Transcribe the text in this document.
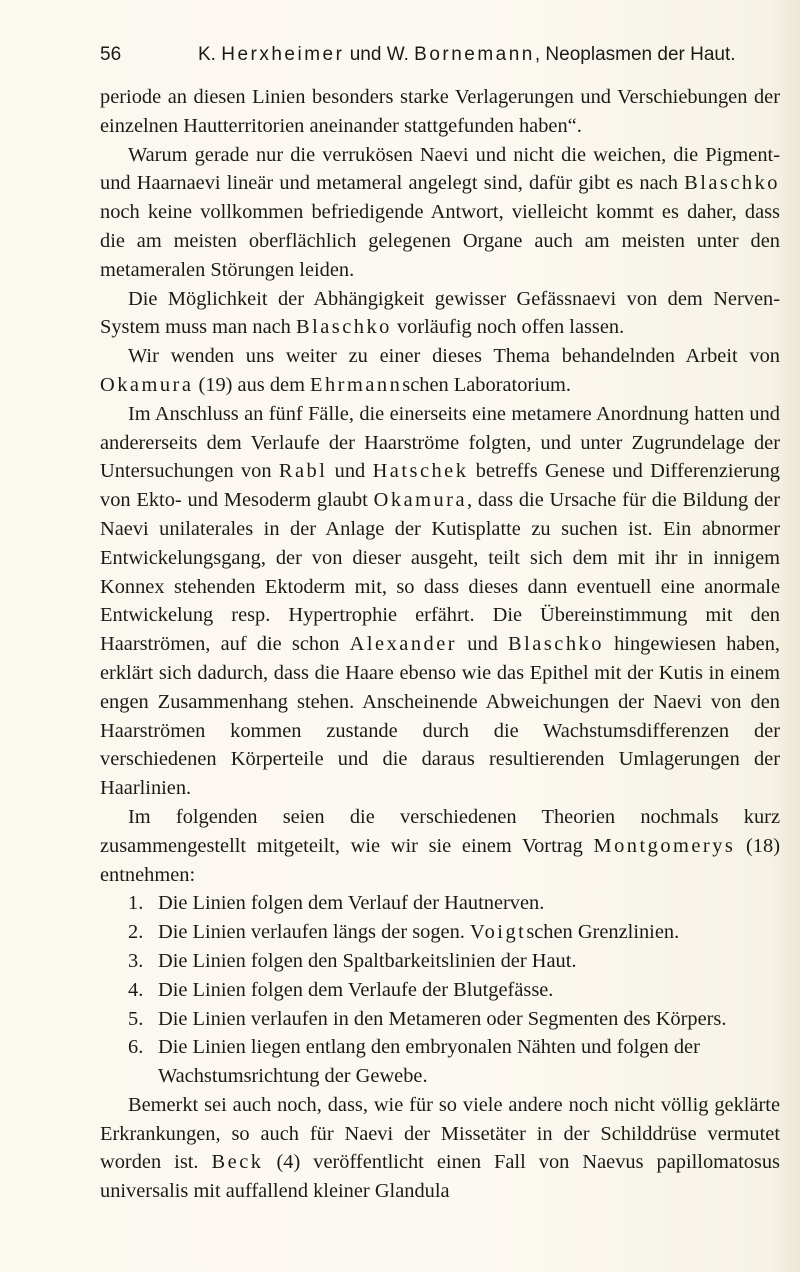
56	K. Herxheimer und W. Bornemann, Neoplasmen der Haut.

periode an diesen Linien besonders starke Verlagerungen und Verschiebungen der einzelnen Hautterritorien aneinander stattgefunden haben“.

Warum gerade nur die verrukösen Naevi und nicht die weichen, die Pigment- und Haarnaevi lineär und metameral angelegt sind, dafür gibt es nach Blaschko noch keine vollkommen befriedigende Antwort, vielleicht kommt es daher, dass die am meisten oberflächlich gelegenen Organe auch am meisten unter den metameralen Störungen leiden.

Die Möglichkeit der Abhängigkeit gewisser Gefässnaevi von dem Nerven-System muss man nach Blaschko vorläufig noch offen lassen.

Wir wenden uns weiter zu einer dieses Thema behandelnden Arbeit von Okamura (19) aus dem Ehrmannschen Laboratorium.

Im Anschluss an fünf Fälle, die einerseits eine metamere Anordnung hatten und andererseits dem Verlaufe der Haarströme folgten, und unter Zugrundelage der Untersuchungen von Rabl und Hatschek betreffs Genese und Differenzierung von Ekto- und Mesoderm glaubt Okamura, dass die Ursache für die Bildung der Naevi unilaterales in der Anlage der Kutisplatte zu suchen ist. Ein abnormer Entwickelungsgang, der von dieser ausgeht, teilt sich dem mit ihr in innigem Konnex stehenden Ektoderm mit, so dass dieses dann eventuell eine anormale Entwickelung resp. Hypertrophie erfährt. Die Übereinstimmung mit den Haarströmen, auf die schon Alexander und Blaschko hingewiesen haben, erklärt sich dadurch, dass die Haare ebenso wie das Epithel mit der Kutis in einem engen Zusammenhang stehen. Anscheinende Abweichungen der Naevi von den Haarströmen kommen zustande durch die Wachstumsdifferenzen der verschiedenen Körperteile und die daraus resultierenden Umlagerungen der Haarlinien.

Im folgenden seien die verschiedenen Theorien nochmals kurz zusammengestellt mitgeteilt, wie wir sie einem Vortrag Montgomerys (18) entnehmen:

1. Die Linien folgen dem Verlauf der Hautnerven.
2. Die Linien verlaufen längs der sogen. Voigtschen Grenzlinien.
3. Die Linien folgen den Spaltbarkeitslinien der Haut.
4. Die Linien folgen dem Verlaufe der Blutgefässe.
5. Die Linien verlaufen in den Metameren oder Segmenten des Körpers.
6. Die Linien liegen entlang den embryonalen Nähten und folgen der Wachstumsrichtung der Gewebe.

Bemerkt sei auch noch, dass, wie für so viele andere noch nicht völlig geklärte Erkrankungen, so auch für Naevi der Missetäter in der Schilddrüse vermutet worden ist. Beck (4) veröffentlicht einen Fall von Naevus papillomatosus universalis mit auffallend kleiner Glandula
